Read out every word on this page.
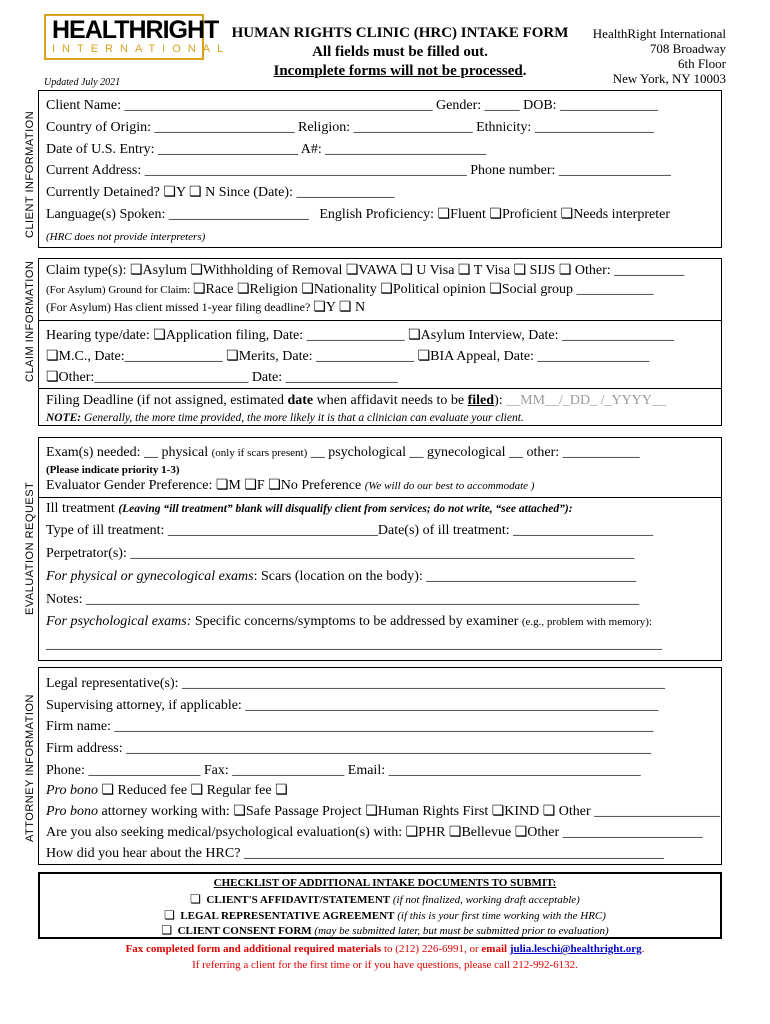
HEALTHRIGHT
INTERNATIONAL
HUMAN RIGHTS CLINIC (HRC) INTAKE FORM
All fields must be filled out.
Incomplete forms will not be processed.
HealthRight International
708 Broadway
6th Floor
New York, NY 10003
Updated July 2021
CLIENT INFORMATION
Client Name: ____________________________________________ Gender: _____ DOB: ______________
Country of Origin: ____________________ Religion: _________________ Ethnicity: _________________
Date of U.S. Entry: ____________________ A#: _______________________
Current Address: ______________________________________________ Phone number: ________________
Currently Detained? ❏Y ❏ N Since (Date): ______________
Language(s) Spoken: ____________________ English Proficiency: ❏Fluent ❏Proficient ❏Needs interpreter
(HRC does not provide interpreters)
CLAIM INFORMATION Claim type(s): ❏Asylum ❏Withholding of Removal ❏VAWA ❏ U Visa ❏ T Visa ❏ SIJS ❏ Other: __________
(For Asylum) Ground for Claim: ❏Race ❏Religion ❏Nationality ❏Political opinion ❏Social group ___________
(For Asylum) Has client missed 1-year filing deadline? ❏Y ❏ N
Hearing type/date: ❏Application filing, Date: ______________ ❏Asylum Interview, Date: ________________
❏M.C., Date:______________ ❏Merits, Date: ______________ ❏BIA Appeal, Date: ________________
❏Other:______________________ Date: ________________
Filing Deadline (if not assigned, estimated date when affidavit needs to be filed): __MM__/_DD_ /_YYYY__
NOTE: Generally, the more time provided, the more likely it is that a clinician can evaluate your client.
EVALUATION REQUEST
Exam(s) needed: __ physical (only if scars present) __ psychological __ gynecological __ other: ___________
(Please indicate priority 1-3)
Evaluator Gender Preference: ❏M ❏F ❏No Preference (We will do our best to accommodate )
Ill treatment (Leaving “ill treatment” blank will disqualify client from services; do not write, “see attached”):
Type of ill treatment: ______________________________Date(s) of ill treatment: ____________________
Perpetrator(s): ________________________________________________________________________
For physical or gynecological exams: Scars (location on the body): ______________________________
Notes: _______________________________________________________________________________
For psychological exams: Specific concerns/symptoms to be addressed by examiner (e.g., problem with memory):
________________________________________________________________________________________
ATTORNEY INFORMATION
Legal representative(s): _____________________________________________________________________
Supervising attorney, if applicable: ___________________________________________________________
Firm name: _____________________________________________________________________________
Firm address: ___________________________________________________________________________
Phone: ________________ Fax: ________________ Email: ____________________________________
Pro bono ❏ Reduced fee ❏ Regular fee ❏
Pro bono attorney working with: ❏Safe Passage Project ❏Human Rights First ❏KIND ❏ Other __________________
Are you also seeking medical/psychological evaluation(s) with: ❏PHR ❏Bellevue ❏Other ____________________
How did you hear about the HRC? ____________________________________________________________
CHECKLIST OF ADDITIONAL INTAKE DOCUMENTS TO SUBMIT:
❏ CLIENT'S AFFIDAVIT/STATEMENT (if not finalized, working draft acceptable)
❏ LEGAL REPRESENTATIVE AGREEMENT (if this is your first time working with the HRC)
❏ CLIENT CONSENT FORM (may be submitted later, but must be submitted prior to evaluation)
Fax completed form and additional required materials to (212) 226-6991, or email julia.leschi@healthright.org.
If referring a client for the first time or if you have questions, please call 212-992-6132.
